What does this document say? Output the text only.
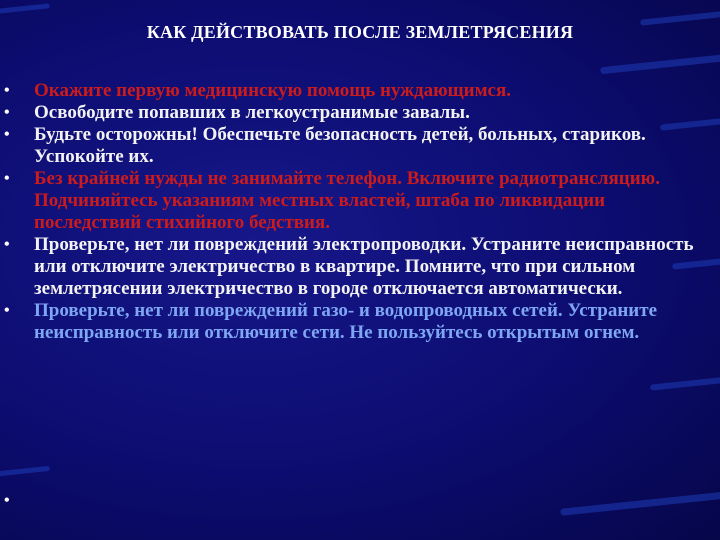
КАК ДЕЙСТВОВАТЬ ПОСЛЕ ЗЕМЛЕТРЯСЕНИЯ
• Окажите первую медицинскую помощь нуждающимся.
• Освободите попавших в легкоустранимые завалы.
• Будьте осторожны! Обеспечьте безопасность детей, больных, стариков. Успокойте их.
• Без крайней нужды не занимайте телефон. Включите радиотрансляцию. Подчиняйтесь указаниям местных властей, штаба по ликвидации последствий стихийного бедствия.
• Проверьте, нет ли повреждений электропроводки. Устраните неисправность или отключите электричество в квартире. Помните, что при сильном землетрясении электричество в городе отключается автоматически.
• Проверьте, нет ли повреждений газо- и водопроводных сетей. Устраните неисправность или отключите сети. Не пользуйтесь открытым огнем.
•
